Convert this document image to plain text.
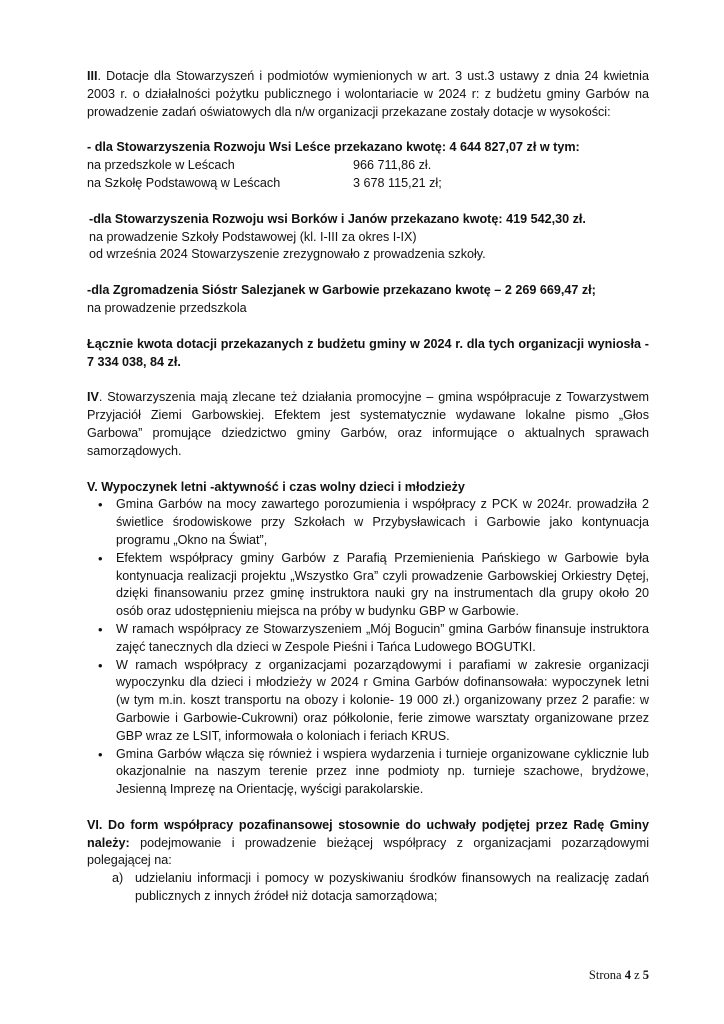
III. Dotacje dla Stowarzyszeń i podmiotów wymienionych w art. 3 ust.3 ustawy z dnia 24 kwietnia 2003 r. o działalności pożytku publicznego i wolontariacie w 2024 r: z budżetu gminy Garbów na prowadzenie zadań oświatowych dla n/w organizacji przekazane zostały dotacje w wysokości:

- dla Stowarzyszenia Rozwoju Wsi Leśce przekazano kwotę: 4 644 827,07 zł w tym:

na przedszkole w Leścach	966 711,86 zł.
na Szkołę Podstawową w Leścach	3 678 115,21 zł;

-dla Stowarzyszenia Rozwoju wsi Borków i Janów przekazano kwotę: 419 542,30 zł.

na prowadzenie Szkoły Podstawowej (kl. I-III za okres I-IX)

od września 2024 Stowarzyszenie zrezygnowało z prowadzenia szkoły.

-dla Zgromadzenia Sióstr Salezjanek w Garbowie przekazano kwotę – 2 269 669,47 zł;

na prowadzenie przedszkola

Łącznie kwota dotacji przekazanych z budżetu gminy w 2024 r. dla tych organizacji wyniosła - 7 334 038, 84 zł.

IV. Stowarzyszenia mają zlecane też działania promocyjne – gmina współpracuje z Towarzystwem Przyjaciół Ziemi Garbowskiej. Efektem jest systematycznie wydawane lokalne pismo „Głos Garbowa” promujące dziedzictwo gminy Garbów, oraz informujące o aktualnych sprawach samorządowych.

V. Wypoczynek letni -aktywność i czas wolny dzieci i młodzieży

• Gmina Garbów na mocy zawartego porozumienia i współpracy z PCK w 2024r. prowadziła 2 świetlice środowiskowe przy Szkołach w Przybysławicach i Garbowie jako kontynuacja programu „Okno na Świat”,
• Efektem współpracy gminy Garbów z Parafią Przemienienia Pańskiego w Garbowie była kontynuacja realizacji projektu „Wszystko Gra” czyli prowadzenie Garbowskiej Orkiestry Dętej, dzięki finansowaniu przez gminę instruktora nauki gry na instrumentach dla grupy około 20 osób oraz udostępnieniu miejsca na próby w budynku GBP w Garbowie.
• W ramach współpracy ze Stowarzyszeniem „Mój Bogucin” gmina Garbów finansuje instruktora zajęć tanecznych dla dzieci w Zespole Pieśni i Tańca Ludowego BOGUTKI.
• W ramach współpracy z organizacjami pozarządowymi i parafiami w zakresie organizacji wypoczynku dla dzieci i młodzieży w 2024 r Gmina Garbów dofinansowała: wypoczynek letni (w tym m.in. koszt transportu na obozy i kolonie- 19 000 zł.) organizowany przez 2 parafie: w Garbowie i Garbowie-Cukrowni) oraz półkolonie, ferie zimowe warsztaty organizowane przez GBP wraz ze LSIT, informowała o koloniach i feriach KRUS.
• Gmina Garbów włącza się również i wspiera wydarzenia i turnieje organizowane cyklicznie lub okazjonalnie na naszym terenie przez inne podmioty np. turnieje szachowe, brydżowe, Jesienną Imprezę na Orientację, wyścigi parakolarskie.

VI. Do form współpracy pozafinansowej stosownie do uchwały podjętej przez Radę Gminy należy: podejmowanie i prowadzenie bieżącej współpracy z organizacjami pozarządowymi polegającej na:

a) udzielaniu informacji i pomocy w pozyskiwaniu środków finansowych na realizację zadań publicznych z innych źródeł niż dotacja samorządowa;
Strona 4 z 5
